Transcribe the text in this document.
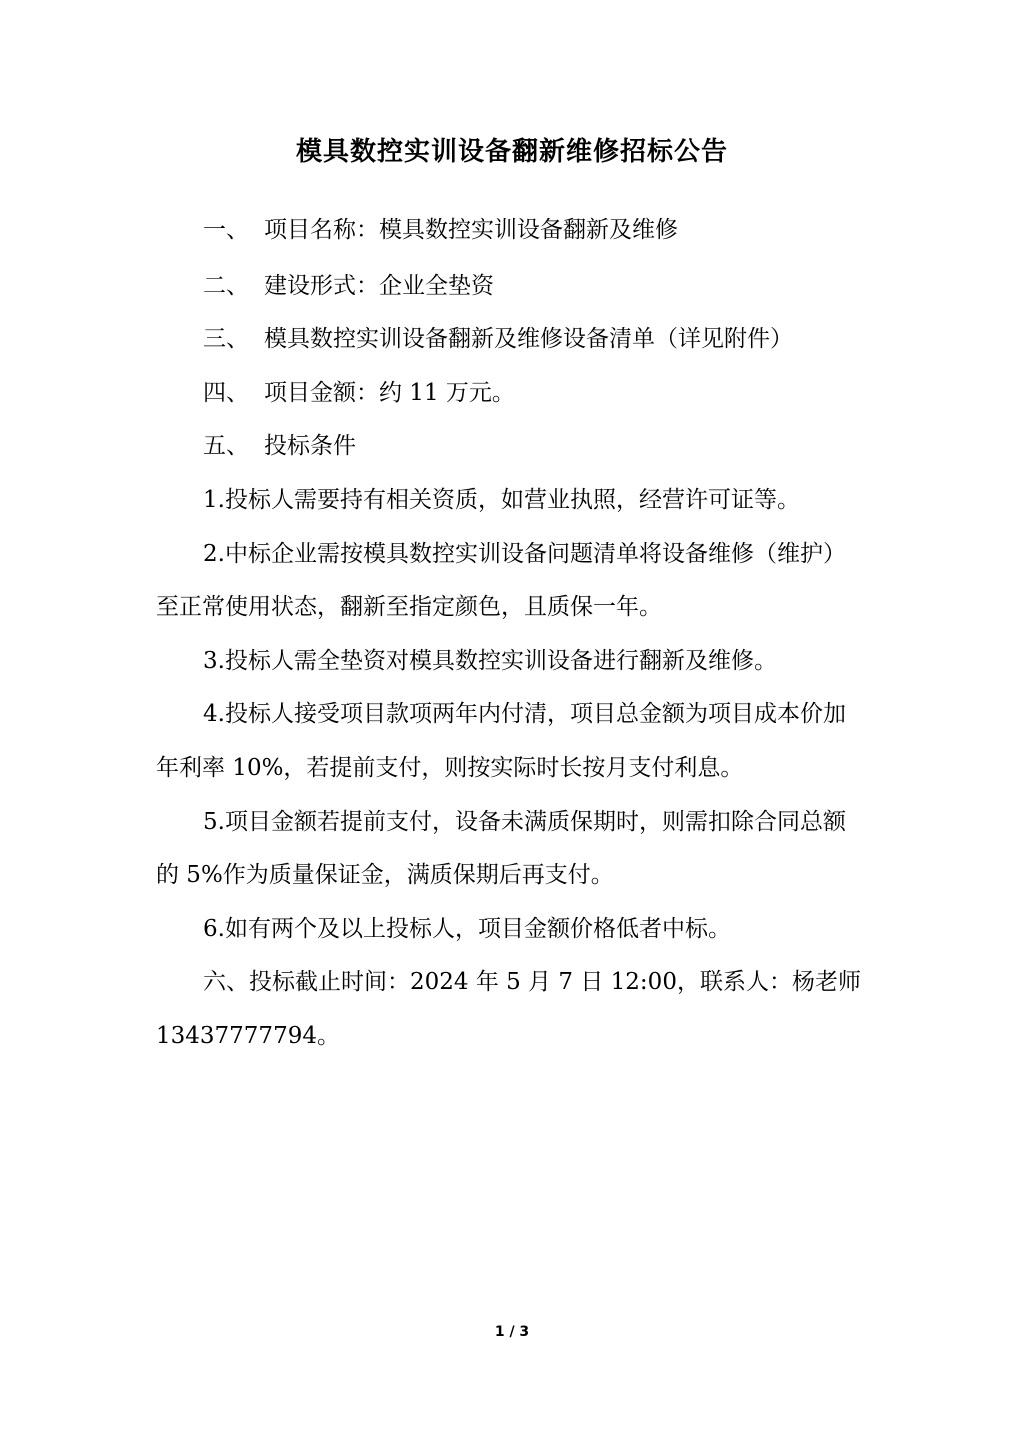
模具数控实训设备翻新维修招标公告
一、 项目名称：模具数控实训设备翻新及维修
二、 建设形式：企业全垫资
三、 模具数控实训设备翻新及维修设备清单（详见附件）
四、 项目金额：约 11 万元。
五、 投标条件
1.投标人需要持有相关资质，如营业执照，经营许可证等。
2.中标企业需按模具数控实训设备问题清单将设备维修（维护）
至正常使用状态，翻新至指定颜色，且质保一年。
3.投标人需全垫资对模具数控实训设备进行翻新及维修。
4.投标人接受项目款项两年内付清，项目总金额为项目成本价加
年利率 10%，若提前支付，则按实际时长按月支付利息。
5.项目金额若提前支付，设备未满质保期时，则需扣除合同总额
的 5%作为质量保证金，满质保期后再支付。
6.如有两个及以上投标人，项目金额价格低者中标。
六、投标截止时间：2024 年 5 月 7 日 12:00，联系人：杨老师
13437777794。
1 / 3
